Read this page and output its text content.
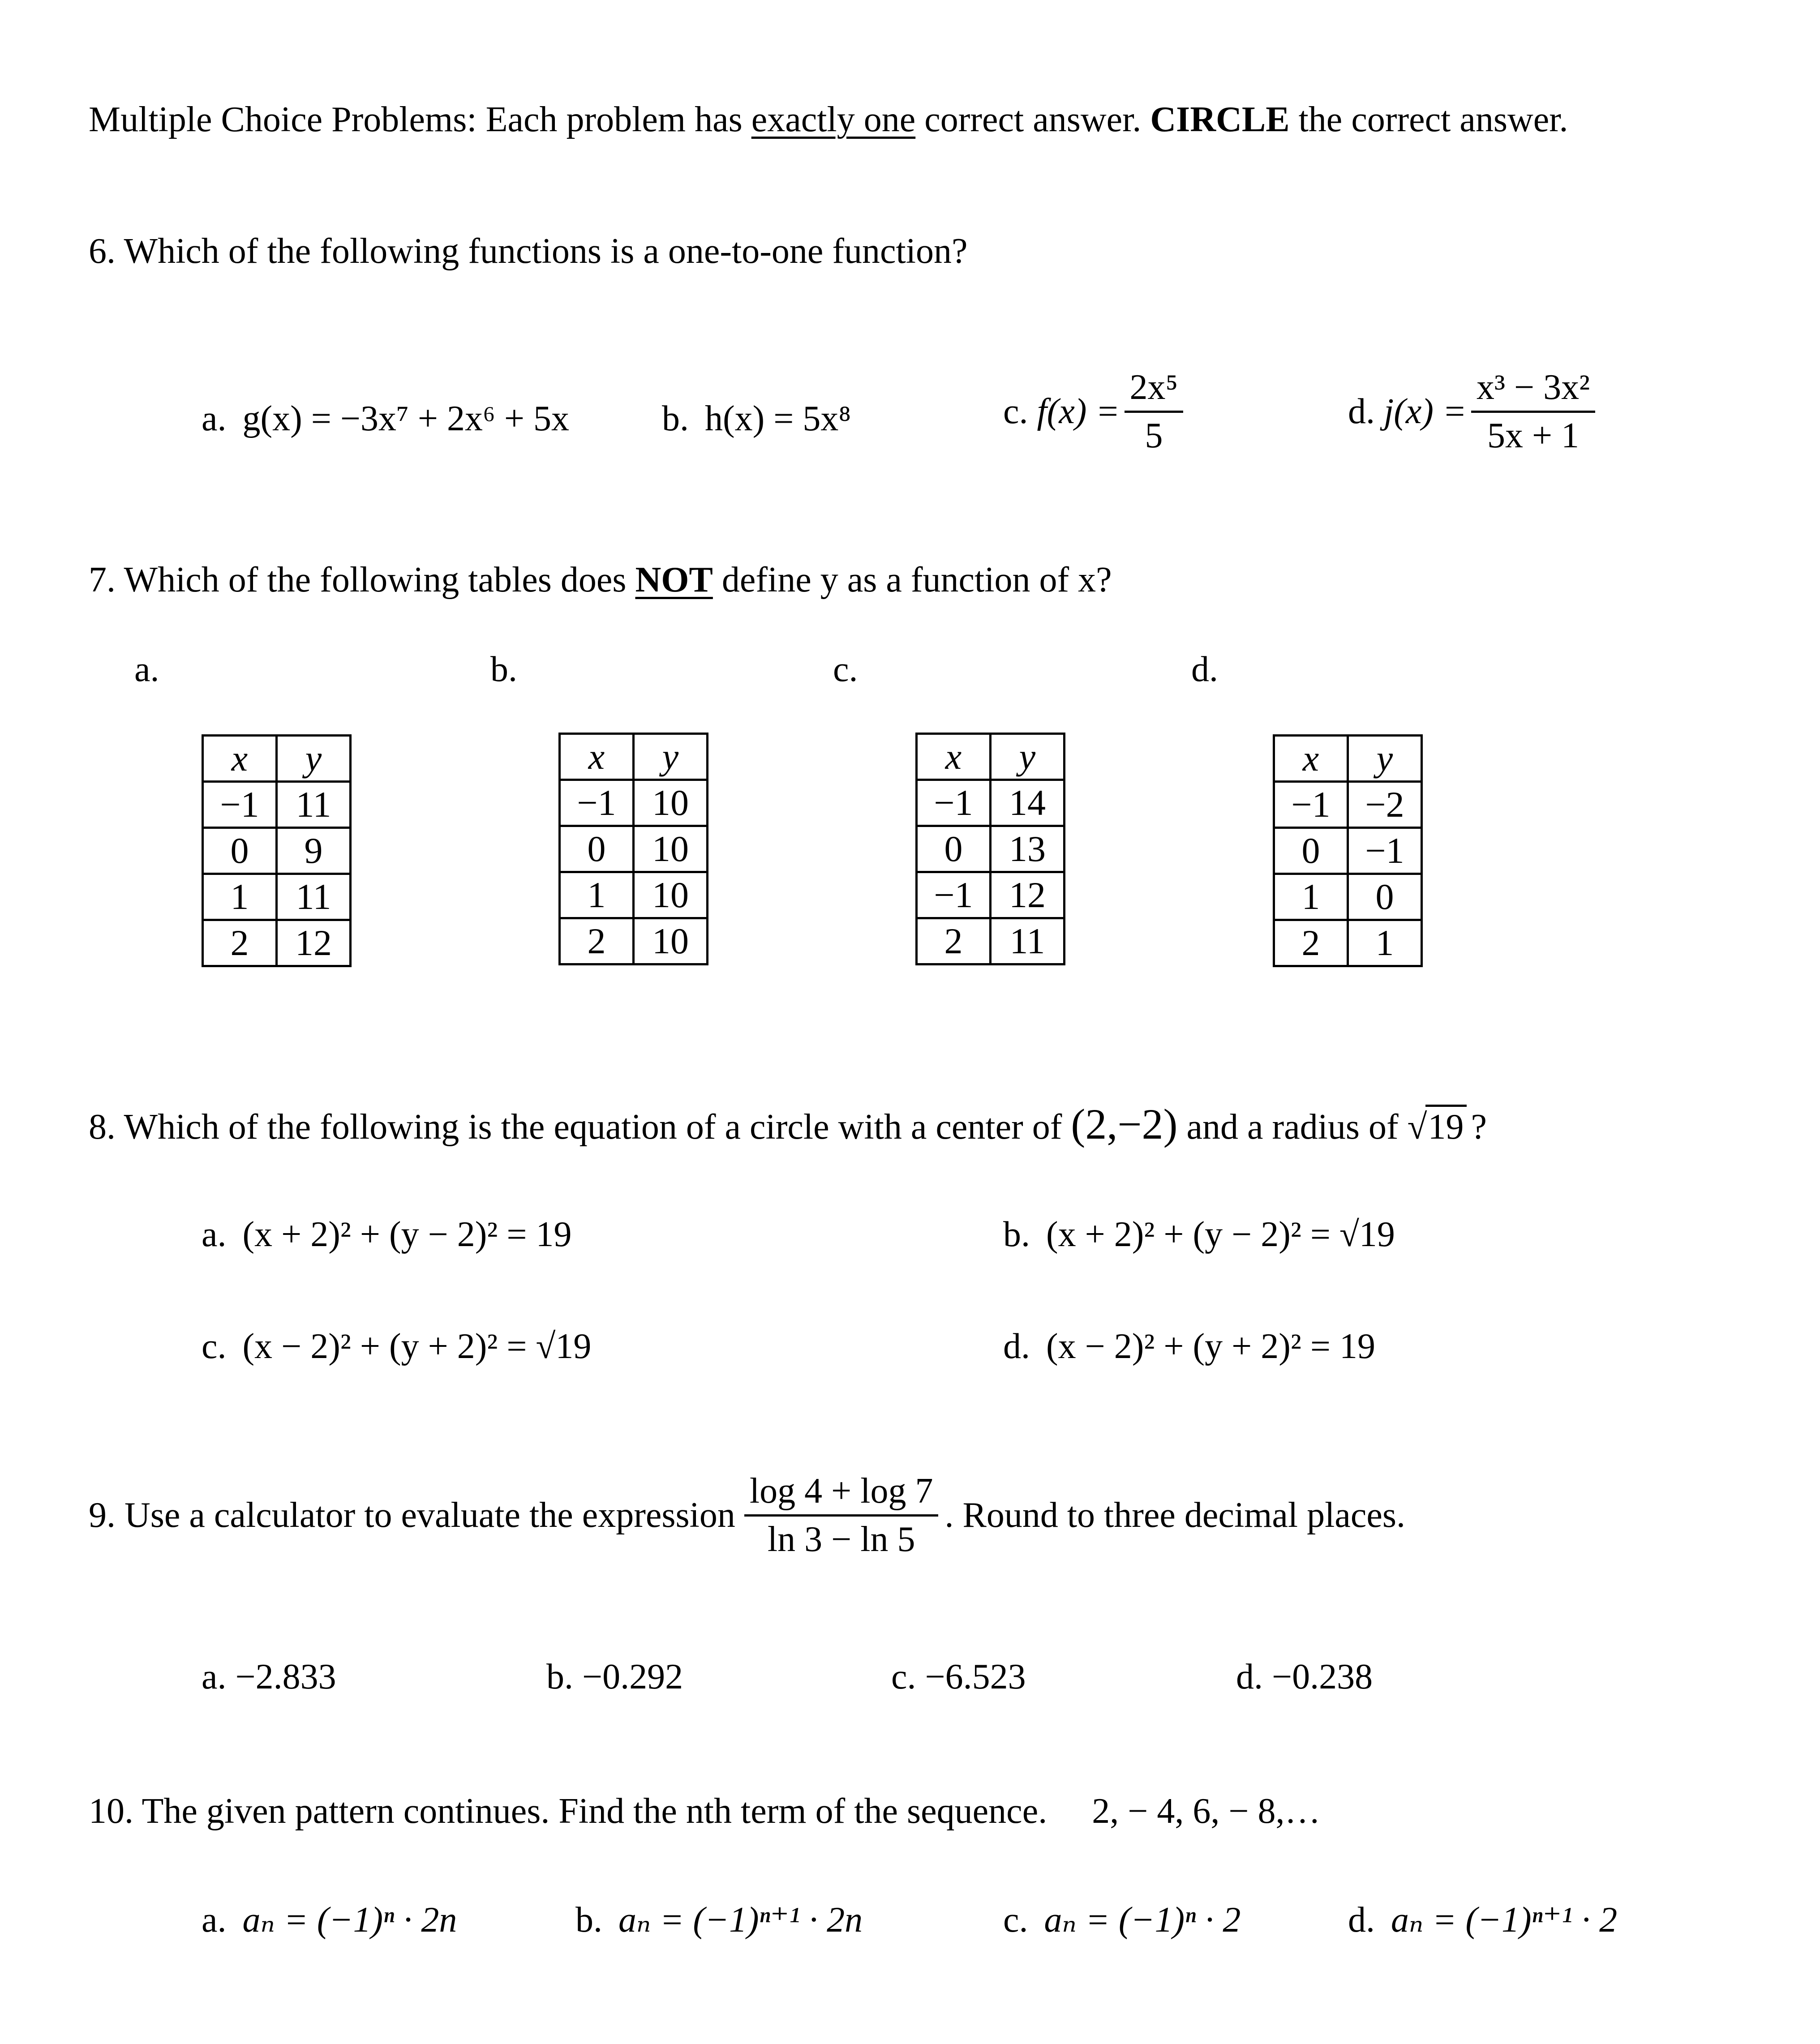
Multiple Choice Problems: Each problem has exactly one correct answer. CIRCLE the correct answer.
6. Which of the following functions is a one-to-one function?
a. g(x) = −3x⁷ + 2x⁶ + 5x	b. h(x) = 5x⁸	c. $f(x) = \frac{\text{2x⁵}}{5}$	d. $j(x) = \frac{\text{x³ − 3x²}}{5x + 1}$
7. Which of the following tables does NOT define y as a function of x?
a.	b.	c.	d.
x	y
−1	11
0	9
1	11
2	12
x	y
−1	10
0	10
1	10
2	10
x	y
−1	14
0	13
−1	12
2	11
x	y
−1	−2
0	−1
1	0
2	1
8. Which of the following is the equation of a circle with a center of (2,−2) and a radius of √19 ?
a. (x + 2)² + (y − 2)² = 19	b. (x + 2)² + (y − 2)² = √19
c. (x − 2)² + (y + 2)² = √19	d. (x − 2)² + (y + 2)² = 19
9. Use a calculator to evaluate the expression $\frac{\log 4 + \log 7}{\ln 3 - \ln 5}$ . Round to three decimal places.
a. −2.833	b. −0.292	c. −6.523	d. −0.238
10. The given pattern continues. Find the nth term of the sequence. 2, − 4, 6, − 8,…
a. aₙ = (−1)ⁿ · 2n	b. aₙ = (−1)ⁿ⁺¹ · 2n	c. aₙ = (−1)ⁿ · 2	d. aₙ = (−1)ⁿ⁺¹ · 2
